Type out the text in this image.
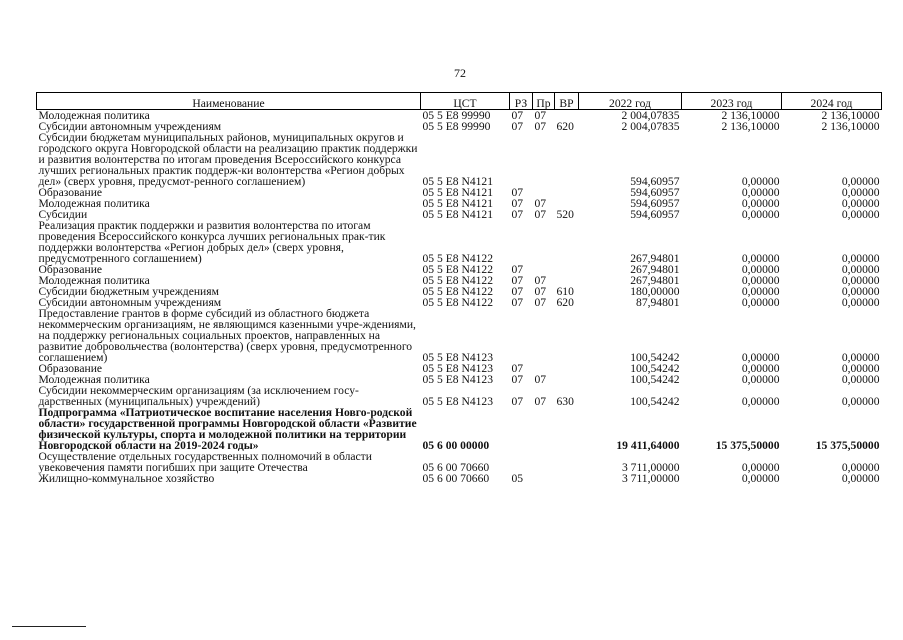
72
Наименование	ЦСТ	РЗ	Пр	ВР	2022 год	2023 год	2024 год
Молодежная политика	05 5 E8 99990	07	07		2 004,07835	2 136,10000	2 136,10000
Субсидии автономным учреждениям	05 5 E8 99990	07	07	620	2 004,07835	2 136,10000	2 136,10000
Субсидии бюджетам муниципальных районов, муниципальных округов и городского округа Новгородской области на реализацию практик поддержки и развития волонтерства по итогам проведения Всероссийского конкурса лучших региональных практик поддерж-ки волонтерства «Регион добрых дел» (сверх уровня, предусмот-ренного соглашением)	05 5 E8 N4121				594,60957	0,00000	0,00000
Образование	05 5 E8 N4121	07			594,60957	0,00000	0,00000
Молодежная политика	05 5 E8 N4121	07	07		594,60957	0,00000	0,00000
Субсидии	05 5 E8 N4121	07	07	520	594,60957	0,00000	0,00000
Реализация практик поддержки и развития волонтерства по итогам проведения Всероссийского конкурса лучших региональных прак-тик поддержки волонтерства «Регион добрых дел» (сверх уровня, предусмотренного соглашением)	05 5 E8 N4122				267,94801	0,00000	0,00000
Образование	05 5 E8 N4122	07			267,94801	0,00000	0,00000
Молодежная политика	05 5 E8 N4122	07	07		267,94801	0,00000	0,00000
Субсидии бюджетным учреждениям	05 5 E8 N4122	07	07	610	180,00000	0,00000	0,00000
Субсидии автономным учреждениям	05 5 E8 N4122	07	07	620	87,94801	0,00000	0,00000
Предоставление грантов в форме субсидий из областного бюджета некоммерческим организациям, не являющимся казенными учре-ждениями, на поддержку региональных социальных проектов, направленных на развитие добровольчества (волонтерства) (сверх уровня, предусмотренного соглашением)	05 5 E8 N4123				100,54242	0,00000	0,00000
Образование	05 5 E8 N4123	07			100,54242	0,00000	0,00000
Молодежная политика	05 5 E8 N4123	07	07		100,54242	0,00000	0,00000
Субсидии некоммерческим организациям (за исключением госу-дарственных (муниципальных) учреждений)	05 5 E8 N4123	07	07	630	100,54242	0,00000	0,00000
Подпрограмма «Патриотическое воспитание населения Новго-родской области» государственной программы Новгородской области «Развитие физической культуры, спорта и молодежной политики на территории Новгородской области на 2019-2024 годы»	05 6 00 00000				19 411,64000	15 375,50000	15 375,50000
Осуществление отдельных государственных полномочий в области увековечения памяти погибших при защите Отечества	05 6 00 70660				3 711,00000	0,00000	0,00000
Жилищно-коммунальное хозяйство	05 6 00 70660	05			3 711,00000	0,00000	0,00000
